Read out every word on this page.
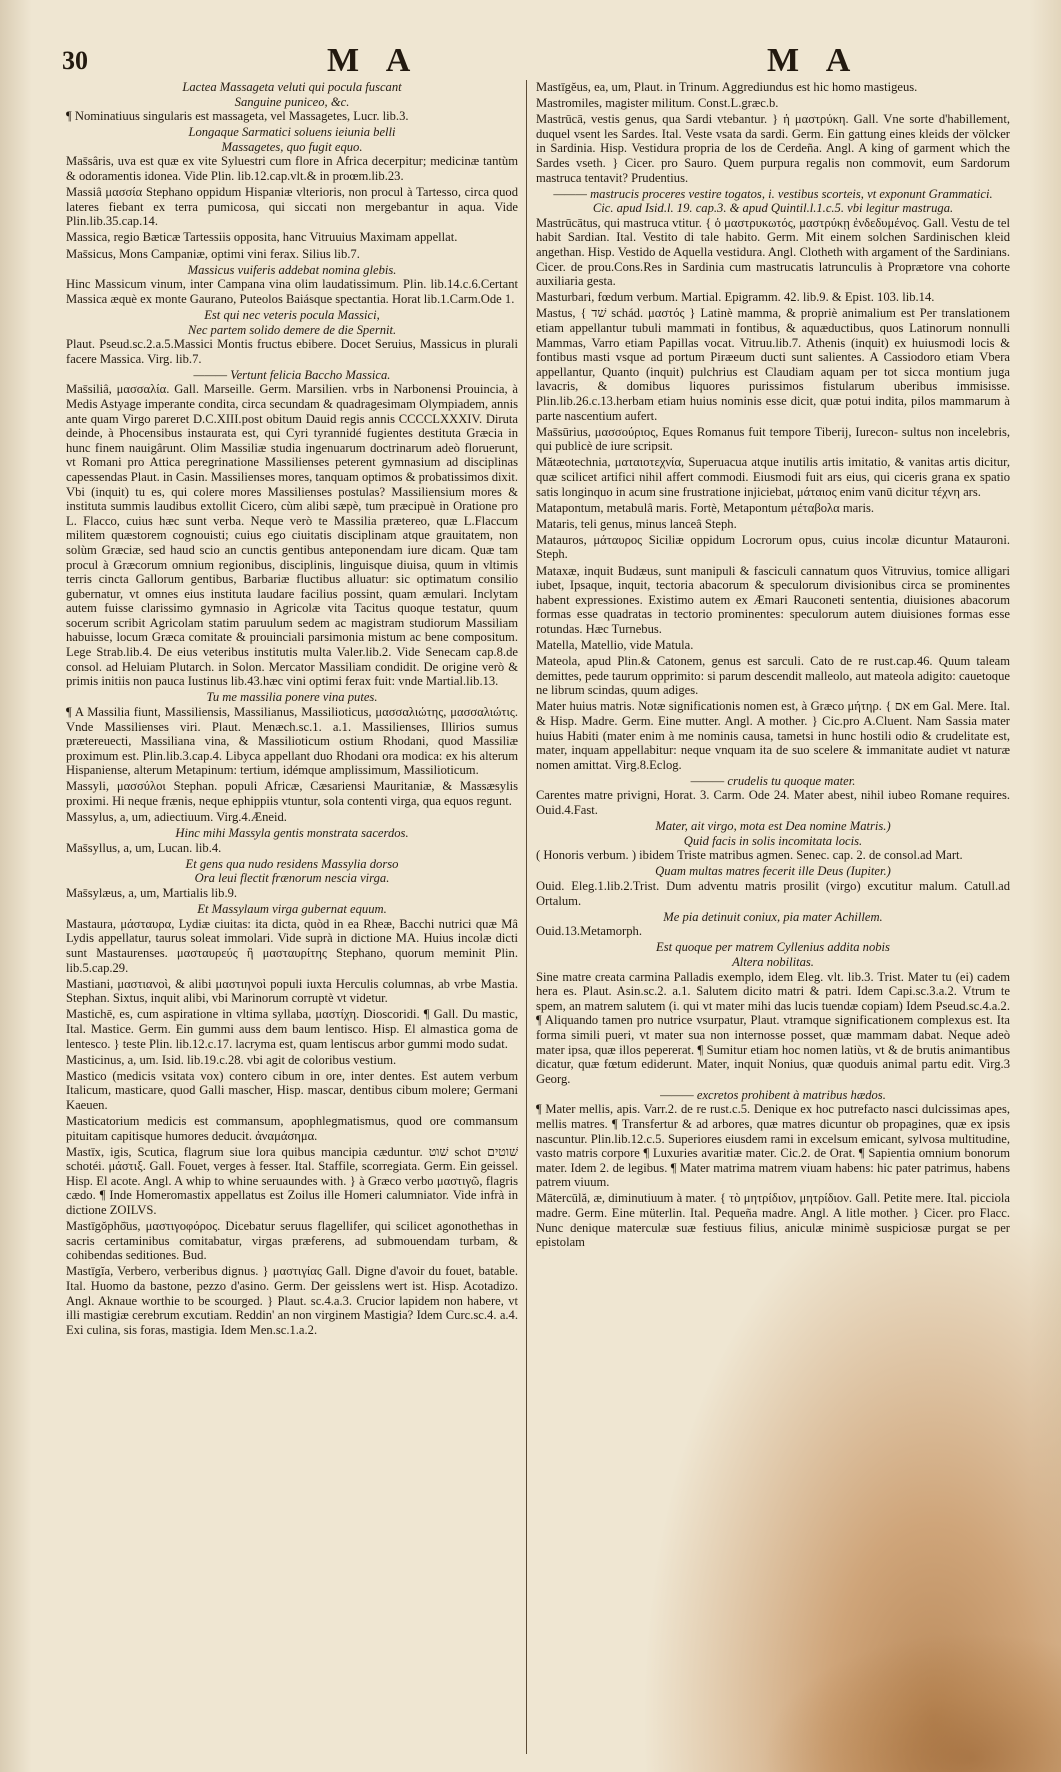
30	M A	M A

Lactea Massageta veluti qui pocula fuscant

Sanguine puniceo, &c.

¶ Nominatiuus singularis est massageta, vel Massagetes, Lucr. lib.3.

Longaque Sarmatici soluens ieiunia belli

Massagetes, quo fugit equo.

Mas̄sâris, uva est quæ ex vite Syluestri cum flore in Africa decerpitur; medicinæ tantùm & odoramentis idonea. Vide Plin. lib.12.cap.vlt.& in proœm.lib.23.

Massiâ μασσία Stephano oppidum Hispaniæ vlterioris, non procul à Tartesso, circa quod lateres fiebant ex terra pumicosa, qui siccati non mergebantur in aqua. Vide Plin.lib.35.cap.14.

Massica, regio Bæticæ Tartessiis opposita, hanc Vitruuius Maximam appellat.

Mas̄sicus, Mons Campaniæ, optimi vini ferax. Silius lib.7.

Massicus vuiferis addebat nomina glebis.

Hinc Massicum vinum, inter Campana vina olim laudatissimum. Plin. lib.14.c.6.Certant Massica æquè ex monte Gaurano, Puteolos Baiásque spectantia. Horat lib.1.Carm.Ode 1.

Est qui nec veteris pocula Massici,

Nec partem solido demere de die Spernit.

Plaut. Pseud.sc.2.a.5.Massici Montis fructus ebibere. Docet Seruius, Massicus in plurali facere Massica. Virg. lib.7.

——— Vertunt felicia Baccho Massica.

Mas̄siliâ, μασσαλία. Gall. Marseille. Germ. Marsilien. vrbs in Narbonensi Prouincia, à Medis Astyage imperante condita, circa secundam & quadragesimam Olympiadem, annis ante quam Virgo pareret D.C.XIII.post obitum Dauid regis annis CCCCLXXXIV. Diruta deinde, à Phocensibus instaurata est, qui Cyri tyrannidé fugientes destituta Græcia in hunc finem nauigârunt. Olim Massiliæ studia ingenuarum doctrinarum adeò floruerunt, vt Romani pro Attica peregrinatione Massilienses peterent gymnasium ad disciplinas capessendas Plaut. in Casin. Massilienses mores, tanquam optimos & probatissimos dixit. Vbi (inquit) tu es, qui colere mores Massilienses postulas? Massiliensium mores & instituta summis laudibus extollit Cicero, cùm alibi sæpè, tum præcipuè in Oratione pro L. Flacco, cuius hæc sunt verba. Neque verò te Massilia prætereo, quæ L.Flaccum militem quæstorem cognouisti; cuius ego ciuitatis disciplinam atque grauitatem, non solùm Græciæ, sed haud scio an cunctis gentibus anteponendam iure dicam. Quæ tam procul à Græcorum omnium regionibus, disciplinis, linguisque diuisa, quum in vltimis terris cincta Gallorum gentibus, Barbariæ fluctibus alluatur: sic optimatum consilio gubernatur, vt omnes eius instituta laudare facilius possint, quam æmulari. Inclytam autem fuisse clarissimo gymnasio in Agricolæ vita Tacitus quoque testatur, quum socerum scribit Agricolam statim paruulum sedem ac magistram studiorum Massiliam habuisse, locum Græca comitate & prouinciali parsimonia mistum ac bene compositum. Lege Strab.lib.4. De eius veteribus institutis multa Valer.lib.2. Vide Senecam cap.8.de consol. ad Heluiam Plutarch. in Solon. Mercator Massiliam condidit. De origine verò & primis initiis non pauca Iustinus lib.43.hæc vini optimi ferax fuit: vnde Martial.lib.13.

Tu me massilia ponere vina putes.

¶ A Massilia fiunt, Massiliensis, Massilianus, Massilioticus, μασσαλιώτης, μασσαλιώτις. Vnde Massilienses viri. Plaut. Menæch.sc.1. a.1. Massilienses, Illirios sumus prætereuecti, Massiliana vina, & Massilioticum ostium Rhodani, quod Massiliæ proximum est. Plin.lib.3.cap.4. Libyca appellant duo Rhodani ora modica: ex his alterum Hispaniense, alterum Metapinum: tertium, idémque amplissimum, Massilioticum.

Massyli, μασσύλοι Stephan. populi Africæ, Cæsariensi Mauritaniæ, & Massæsylis proximi. Hi neque frænis, neque ephippiis vtuntur, sola contenti virga, qua equos regunt.

Massylus, a, um, adiectiuum. Virg.4.Æneid.

Hinc mihi Massyla gentis monstrata sacerdos.

Mas̄syllus, a, um, Lucan. lib.4.

Et gens qua nudo residens Massylia dorso

Ora leui flectit frænorum nescia virga.

Mas̄sylæus, a, um, Martialis lib.9.

Et Massylaum virga gubernat equum.

Mastaura, μάσταυρα, Lydiæ ciuitas: ita dicta, quòd in ea Rheæ, Bacchi nutrici quæ Mâ Lydis appellatur, taurus soleat immolari. Vide suprà in dictione MA. Huius incolæ dicti sunt Mastaurenses. μασταυρεύς ἢ μασταυρίτης Stephano, quorum meminit Plin. lib.5.cap.29.

Mastiani, μαστιανοὶ, & alibi μαστιηνοὶ populi iuxta Herculis columnas, ab vrbe Mastia. Stephan. Sixtus, inquit alibi, vbi Marinorum corruptè vt videtur.

Mastichē, es, cum aspiratione in vltima syllaba, μαστίχη. Dioscoridi. ¶ Gall. Du mastic, Ital. Mastice. Germ. Ein gummi auss dem baum lentisco. Hisp. El almastica goma de lentesco. } teste Plin. lib.12.c.17. lacryma est, quam lentiscus arbor gummi modo sudat.

Masticinus, a, um. Isid. lib.19.c.28. vbi agit de coloribus vestium.

Mastico (medicis vsitata vox) contero cibum in ore, inter dentes. Est autem verbum Italicum, masticare, quod Galli mascher, Hisp. mascar, dentibus cibum molere; Germani Kaeuen.

Masticatorium medicis est commansum, apophlegmatismus, quod ore commansum pituitam capitisque humores deducit. ἀναμάσημα.

Mastīx, igis, Scutica, flagrum siue lora quibus mancipia cæduntur. שׁוט schot שׁוטים schotéi. μάστιξ. Gall. Fouet, verges à fesser. Ital. Staffile, scorregiata. Germ. Ein geissel. Hisp. El acote. Angl. A whip to whine seruaundes with. } à Græco verbo μαστιγῶ, flagris cædo. ¶ Inde Homeromastix appellatus est Zoilus ille Homeri calumniator. Vide infrà in dictione ZOILVS.

Mastīgŏphŏ̄us, μαστιγοφόρος. Dicebatur seruus flagellifer, qui scilicet agonothethas in sacris certaminibus comitabatur, virgas præferens, ad submouendam turbam, & cohibendas seditiones. Bud.

Mastīgĭa, Verbero, verberibus dignus. } μαστιγίας Gall. Digne d'avoir du fouet, batable. Ital. Huomo da bastone, pezzo d'asino. Germ. Der geisslens wert ist. Hisp. Acotadizo. Angl. Aknaue worthie to be scourged. } Plaut. sc.4.a.3. Crucior lapidem non habere, vt illi mastigiæ cerebrum excutiam. Reddin' an non virginem Mastigia? Idem Curc.sc.4. a.4. Exi culina, sis foras, mastigia. Idem Men.sc.1.a.2.

Mastīgĕus, ea, um, Plaut. in Trinum. Aggrediundus est hic homo mastigeus.

Mastromiles, magister militum. Const.L.græc.b.

Mastrūcā, vestis genus, qua Sardi vtebantur. } ἡ μαστρύκη. Gall. Vne sorte d'habillement, duquel vsent les Sardes. Ital. Veste vsata da sardi. Germ. Ein gattung eines kleids der völcker in Sardinia. Hisp. Vestidura propria de los de Cerdeña. Angl. A king of garment which the Sardes vseth. } Cicer. pro Sauro. Quem purpura regalis non commovit, eum Sardorum mastruca tentavit? Prudentius.

——— mastrucis proceres vestire togatos, i. vestibus scorteis, vt exponunt Grammatici. Cic. apud Isid.l. 19. cap.3. & apud Quintil.l.1.c.5. vbi legitur mastruga.

Mastrūcātus, qui mastruca vtitur. { ὁ μαστρυκωτός, μαστρύκῃ ἐνδεδυμένος. Gall. Vestu de tel habit Sardian. Ital. Vestito di tale habito. Germ. Mit einem solchen Sardinischen kleid angethan. Hisp. Vestido de Aquella vestidura. Angl. Clotheth with argament of the Sardinians. Cicer. de prou.Cons.Res in Sardinia cum mastrucatis latrunculis à Proprætore vna cohorte auxiliaria gesta.

Masturbari, fœdum verbum. Martial. Epigramm. 42. lib.9. & Epist. 103. lib.14.

Mastus, { שׁד schád. μαστός } Latinè mamma, & propriè animalium est Per translationem etiam appellantur tubuli mammati in fontibus, & aquæductibus, quos Latinorum nonnulli Mammas, Varro etiam Papillas vocat. Vitruu.lib.7. Athenis (inquit) ex huiusmodi locis & fontibus masti vsque ad portum Piræeum ducti sunt salientes. A Cassiodoro etiam Vbera appellantur, Quanto (inquit) pulchrius est Claudiam aquam per tot sicca montium juga lavacris, & domibus liquores purissimos fistularum uberibus immisisse. Plin.lib.26.c.13.herbam etiam huius nominis esse dicit, quæ potui indita, pilos mammarum à parte nascentium aufert.

Mas̄sūrius, μασσούριος, Eques Romanus fuit tempore Tiberij, Iurecon- sultus non incelebris, qui publicè de iure scripsit.

Mătæotechnia, ματαιοτεχνία, Superuacua atque inutilis artis imitatio, & vanitas artis dicitur, quæ scilicet artifici nihil affert commodi. Eiusmodi fuit ars eius, qui ciceris grana ex spatio satis longinquo in acum sine frustratione injiciebat, μάταιος enim vanū dicitur τέχνη ars.

Matapontum, metabulâ maris. Fortè, Metapontum μέταβολα maris.

Mataris, teli genus, minus lanceâ Steph.

Matauros, μάταυρος Siciliæ oppidum Locrorum opus, cuius incolæ dicuntur Matauroni. Steph.

Mataxæ, inquit Budæus, sunt manipuli & fasciculi cannatum quos Vitruvius, tomice alligari iubet, Ipsaque, inquit, tectoria abacorum & speculorum divisionibus circa se prominentes habent expressiones. Existimo autem ex Æmari Rauconeti sententia, diuisiones abacorum formas esse quadratas in tectorio prominentes: speculorum autem diuisiones formas esse rotundas. Hæc Turnebus.

Matella, Matellio, vide Matula.

Mateola, apud Plin.& Catonem, genus est sarculi. Cato de re rust.cap.46. Quum taleam demittes, pede taurum opprimito: si parum descendit malleolo, aut mateola adigito: cauetoque ne librum scindas, quum adiges.

Mater huius matris. Notæ significationis nomen est, à Græco μήτηρ. { אם em Gal. Mere. Ital. & Hisp. Madre. Germ. Eine mutter. Angl. A mother. } Cic.pro A.Cluent. Nam Sassia mater huius Habiti (mater enim à me nominis causa, tametsi in hunc hostili odio & crudelitate est, mater, inquam appellabitur: neque vnquam ita de suo scelere & immanitate audiet vt naturæ nomen amittat. Virg.8.Eclog.

——— crudelis tu quoque mater.

Carentes matre privigni, Horat. 3. Carm. Ode 24. Mater abest, nihil iubeo Romane requires. Ouid.4.Fast.

Mater, ait virgo, mota est Dea nomine Matris.)

Quid facis in solis incomitata locis.

( Honoris verbum. ) ibidem Triste matribus agmen. Senec. cap. 2. de consol.ad Mart.

Quam multas matres fecerit ille Deus (Iupiter.)

Ouid. Eleg.1.lib.2.Trist. Dum adventu matris prosilit (virgo) excutitur malum. Catull.ad Ortalum.

Me pia detinuit coniux, pia mater Achillem.

Ouid.13.Metamorph.

Est quoque per matrem Cyllenius addita nobis

Altera nobilitas.

Sine matre creata carmina Palladis exemplo, idem Eleg. vlt. lib.3. Trist. Mater tu (ei) cadem hera es. Plaut. Asin.sc.2. a.1. Salutem dicito matri & patri. Idem Capi.sc.3.a.2. Vtrum te spem, an matrem salutem (i. qui vt mater mihi das lucis tuendæ copiam) Idem Pseud.sc.4.a.2. ¶ Aliquando tamen pro nutrice vsurpatur, Plaut. vtramque significationem complexus est. Ita forma simili pueri, vt mater sua non internosse posset, quæ mammam dabat. Neque adeò mater ipsa, quæ illos pepererat. ¶ Sumitur etiam hoc nomen latiùs, vt & de brutis animantibus dicatur, quæ fœtum ediderunt. Mater, inquit Nonius, quæ quoduis animal partu edit. Virg.3 Georg.

——— excretos prohibent à matribus hædos.

¶ Mater mellis, apis. Varr.2. de re rust.c.5. Denique ex hoc putrefacto nasci dulcissimas apes, mellis matres. ¶ Transfertur & ad arbores, quæ matres dicuntur ob propagines, quæ ex ipsis nascuntur. Plin.lib.12.c.5. Superiores eiusdem rami in excelsum emicant, sylvosa multitudine, vasto matris corpore ¶ Luxuries avaritiæ mater. Cic.2. de Orat. ¶ Sapientia omnium bonorum mater. Idem 2. de legibus. ¶ Mater matrima matrem viuam habens: hic pater patrimus, habens patrem viuum.

Mātercūlă, æ, diminutiuum à mater. { τὸ μητρίδιον, μητρίδιον. Gall. Petite mere. Ital. picciola madre. Germ. Eine müterlin. Ital. Pequeña madre. Angl. A litle mother. } Cicer. pro Flacc. Nunc denique materculæ suæ festiuus filius, aniculæ minimè suspiciosæ purgat se per epistolam
